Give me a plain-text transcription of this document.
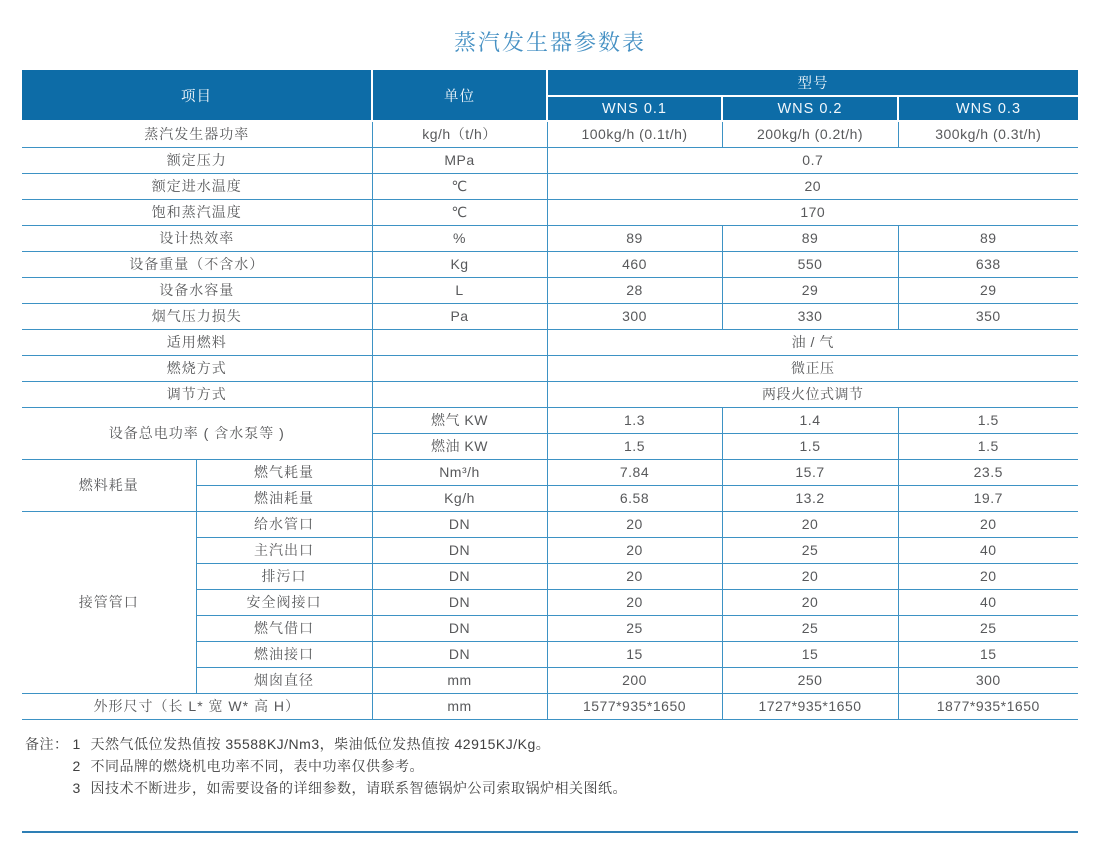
蒸汽发生器参数表
项目		单位	型号		
			WNS 0.1	WNS 0.2	WNS 0.3
蒸汽发生器功率		kg/h（t/h）	100kg/h (0.1t/h)	200kg/h (0.2t/h)	300kg/h (0.3t/h)
额定压力		MPa	0.7		
额定进水温度		℃	20		
饱和蒸汽温度		℃	170		
设计热效率		%	89	89	89
设备重量（不含水）		Kg	460	550	638
设备水容量		L	28	29	29
烟气压力损失		Pa	300	330	350
适用燃料			油 / 气		
燃烧方式			微正压		
调节方式			两段火位式调节		
设备总电功率 ( 含水泵等 )		燃气 KW	1.3	1.4	1.5
		燃油 KW	1.5	1.5	1.5
燃料耗量	燃气耗量	Nm³/h	7.84	15.7	23.5
	燃油耗量	Kg/h	6.58	13.2	19.7
接管管口	给水管口	DN	20	20	20
	主汽出口	DN	20	25	40
	排污口	DN	20	20	20
	安全阀接口	DN	20	20	40
	燃气借口	DN	25	25	25
	燃油接口	DN	15	15	15
	烟囱直径	mm	200	250	300
外形尺寸（长 L* 宽 W* 高 H）		mm	1577*935*1650	1727*935*1650	1877*935*1650
备注： 1 天然气低位发热值按 35588KJ/Nm3，柴油低位发热值按 42915KJ/Kg。
2 不同品牌的燃烧机电功率不同，表中功率仅供参考。
3 因技术不断进步，如需要设备的详细参数，请联系智德锅炉公司索取锅炉相关图纸。
